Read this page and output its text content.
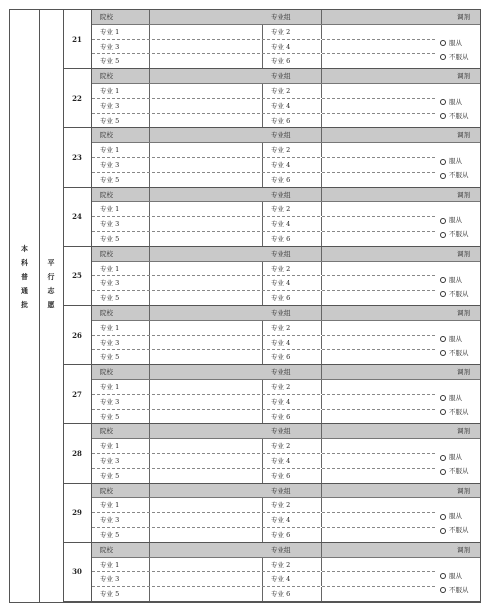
本
科
普
通
批
平
行
志
愿
21
院校	专业组	调剂
专业 1	专业 2
专业 3	专业 4
专业 5	专业 6
服从
不服从
22
院校	专业组	调剂
专业 1	专业 2
专业 3	专业 4
专业 5	专业 6
服从
不服从
23
院校	专业组	调剂
专业 1	专业 2
专业 3	专业 4
专业 5	专业 6
服从
不服从
24
院校	专业组	调剂
专业 1	专业 2
专业 3	专业 4
专业 5	专业 6
服从
不服从
25
院校	专业组	调剂
专业 1	专业 2
专业 3	专业 4
专业 5	专业 6
服从
不服从
26
院校	专业组	调剂
专业 1	专业 2
专业 3	专业 4
专业 5	专业 6
服从
不服从
27
院校	专业组	调剂
专业 1	专业 2
专业 3	专业 4
专业 5	专业 6
服从
不服从
28
院校	专业组	调剂
专业 1	专业 2
专业 3	专业 4
专业 5	专业 6
服从
不服从
29
院校	专业组	调剂
专业 1	专业 2
专业 3	专业 4
专业 5	专业 6
服从
不服从
30
院校	专业组	调剂
专业 1	专业 2
专业 3	专业 4
专业 5	专业 6
服从
不服从
